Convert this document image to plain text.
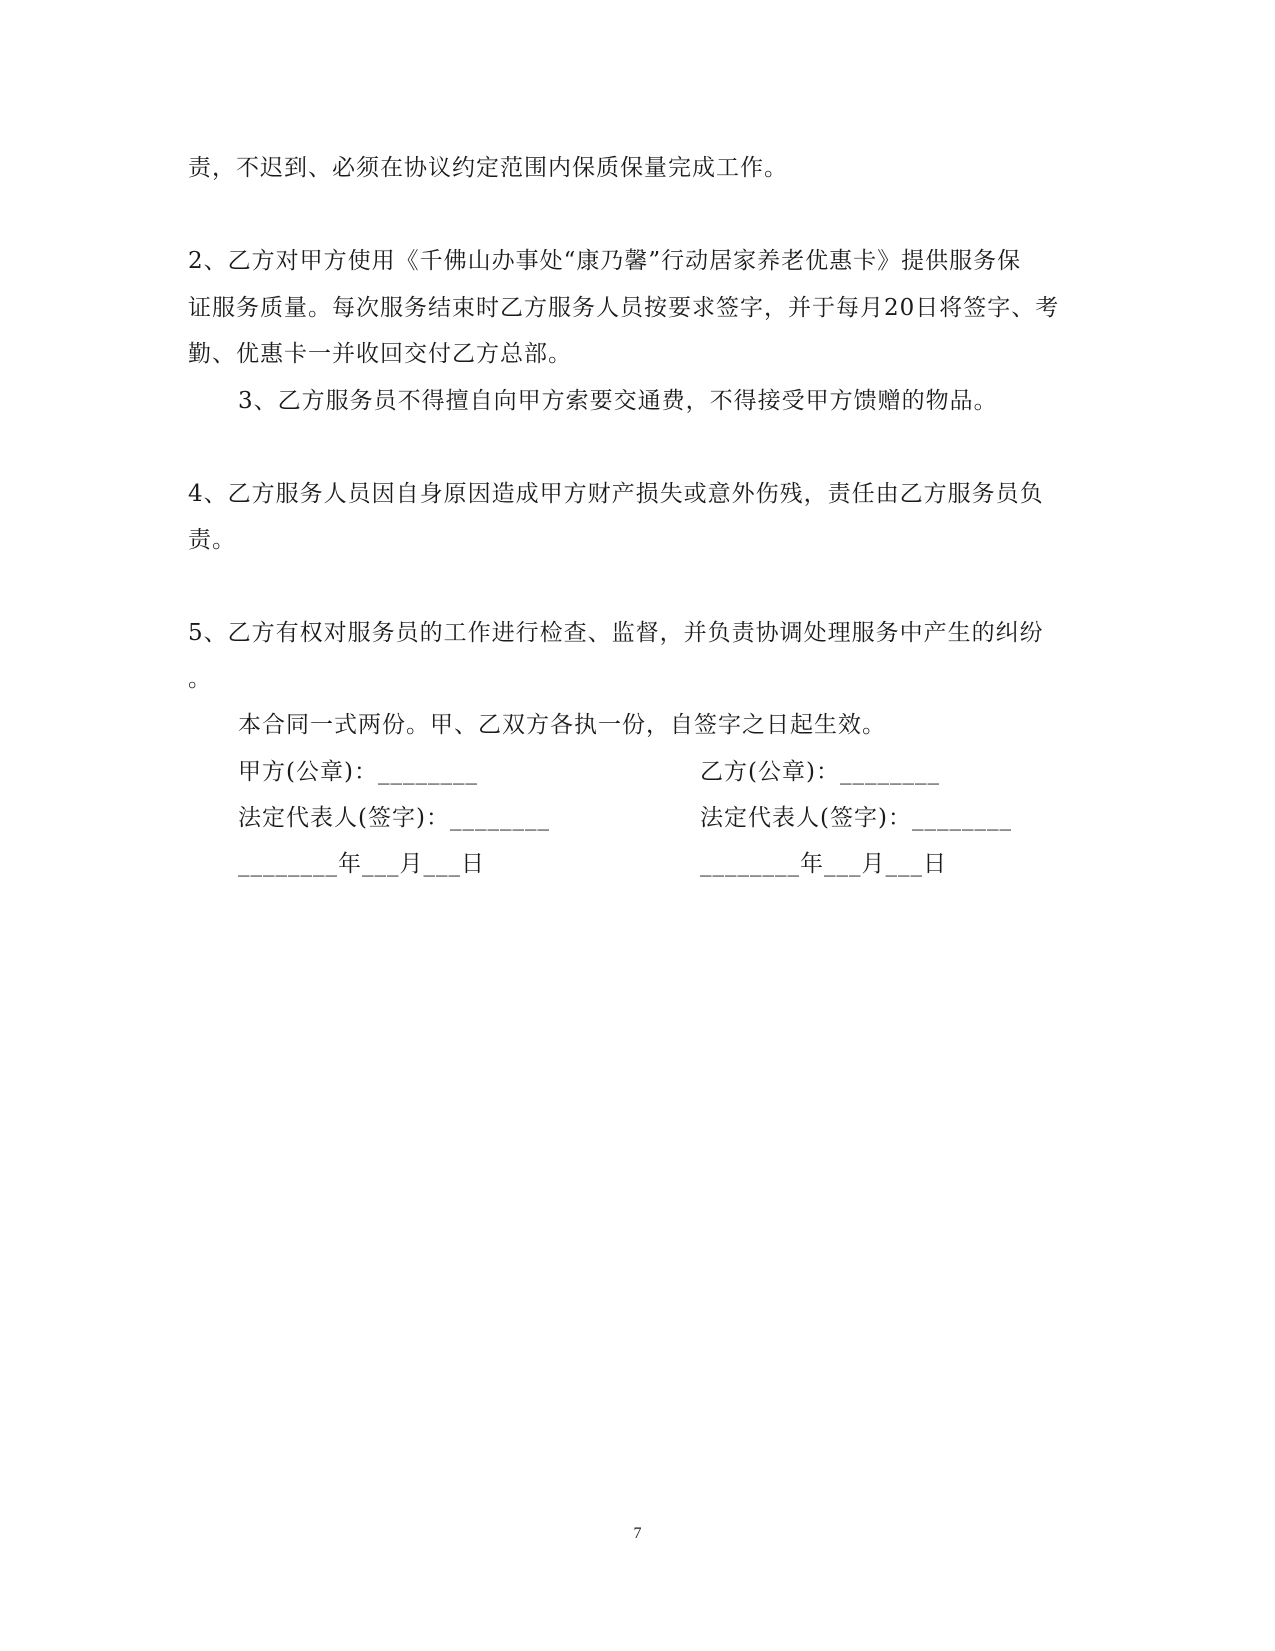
责，不迟到、必须在协议约定范围内保质保量完成工作。
2、乙方对甲方使用《千佛山办事处“康乃馨”行动居家养老优惠卡》提供服务保
证服务质量。每次服务结束时乙方服务人员按要求签字，并于每月20日将签字、考
勤、优惠卡一并收回交付乙方总部。
3、乙方服务员不得擅自向甲方索要交通费，不得接受甲方馈赠的物品。
4、乙方服务人员因自身原因造成甲方财产损失或意外伤残，责任由乙方服务员负
责。
5、乙方有权对服务员的工作进行检查、监督，并负责协调处理服务中产生的纠纷
。
本合同一式两份。甲、乙双方各执一份，自签字之日起生效。
甲方(公章)：________	乙方(公章)：________
法定代表人(签字)：________	法定代表人(签字)：________
________年___月___日	________年___月___日
7
